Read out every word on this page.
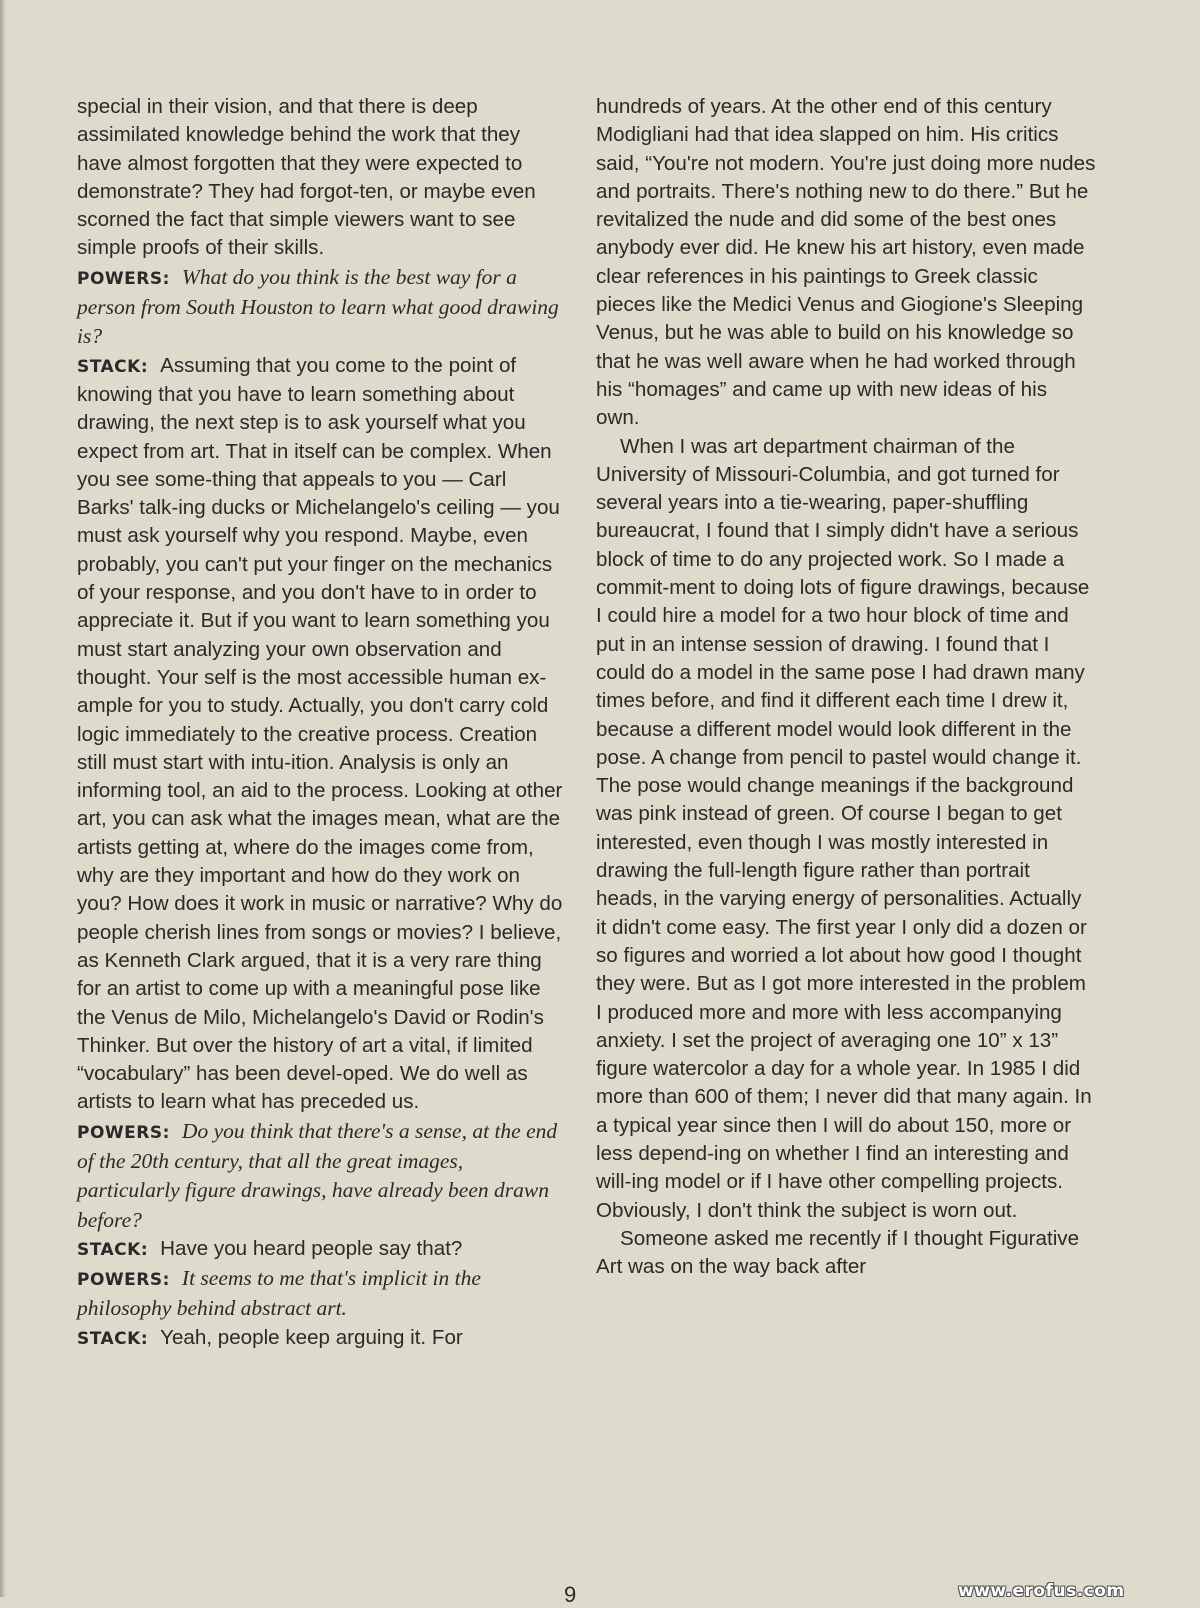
special in their vision, and that there is deep assimilated knowledge behind the work that they have almost forgotten that they were expected to demonstrate? They had forgot-ten, or maybe even scorned the fact that simple viewers want to see simple proofs of their skills.

POWERS: What do you think is the best way for a person from South Houston to learn what good drawing is?

STACK: Assuming that you come to the point of knowing that you have to learn something about drawing, the next step is to ask yourself what you expect from art. That in itself can be complex. When you see some-thing that appeals to you — Carl Barks' talk-ing ducks or Michelangelo's ceiling — you must ask yourself why you respond. Maybe, even probably, you can't put your finger on the mechanics of your response, and you don't have to in order to appreciate it. But if you want to learn something you must start analyzing your own observation and thought. Your self is the most accessible human ex-ample for you to study. Actually, you don't carry cold logic immediately to the creative process. Creation still must start with intu-ition. Analysis is only an informing tool, an aid to the process. Looking at other art, you can ask what the images mean, what are the artists getting at, where do the images come from, why are they important and how do they work on you? How does it work in music or narrative? Why do people cherish lines from songs or movies? I believe, as Kenneth Clark argued, that it is a very rare thing for an artist to come up with a meaningful pose like the Venus de Milo, Michelangelo's David or Rodin's Thinker. But over the history of art a vital, if limited “vocabulary” has been devel-oped. We do well as artists to learn what has preceded us.

POWERS: Do you think that there's a sense, at the end of the 20th century, that all the great images, particularly figure drawings, have already been drawn before?

STACK: Have you heard people say that?

POWERS: It seems to me that's implicit in the philosophy behind abstract art.

STACK: Yeah, people keep arguing it. For

hundreds of years. At the other end of this century Modigliani had that idea slapped on him. His critics said, “You're not modern. You're just doing more nudes and portraits. There's nothing new to do there.” But he revitalized the nude and did some of the best ones anybody ever did. He knew his art history, even made clear references in his paintings to Greek classic pieces like the Medici Venus and Giogione's Sleeping Venus, but he was able to build on his knowledge so that he was well aware when he had worked through his “homages” and came up with new ideas of his own.

When I was art department chairman of the University of Missouri-Columbia, and got turned for several years into a tie-wearing, paper-shuffling bureaucrat, I found that I simply didn't have a serious block of time to do any projected work. So I made a commit-ment to doing lots of figure drawings, because I could hire a model for a two hour block of time and put in an intense session of drawing. I found that I could do a model in the same pose I had drawn many times before, and find it different each time I drew it, because a different model would look different in the pose. A change from pencil to pastel would change it. The pose would change meanings if the background was pink instead of green. Of course I began to get interested, even though I was mostly interested in drawing the full-length figure rather than portrait heads, in the varying energy of personalities. Actually it didn't come easy. The first year I only did a dozen or so figures and worried a lot about how good I thought they were. But as I got more interested in the problem I produced more and more with less accompanying anxiety. I set the project of averaging one 10” x 13” figure watercolor a day for a whole year. In 1985 I did more than 600 of them; I never did that many again. In a typical year since then I will do about 150, more or less depend-ing on whether I find an interesting and will-ing model or if I have other compelling projects. Obviously, I don't think the subject is worn out.

Someone asked me recently if I thought Figurative Art was on the way back after

9	www.erofus.com
